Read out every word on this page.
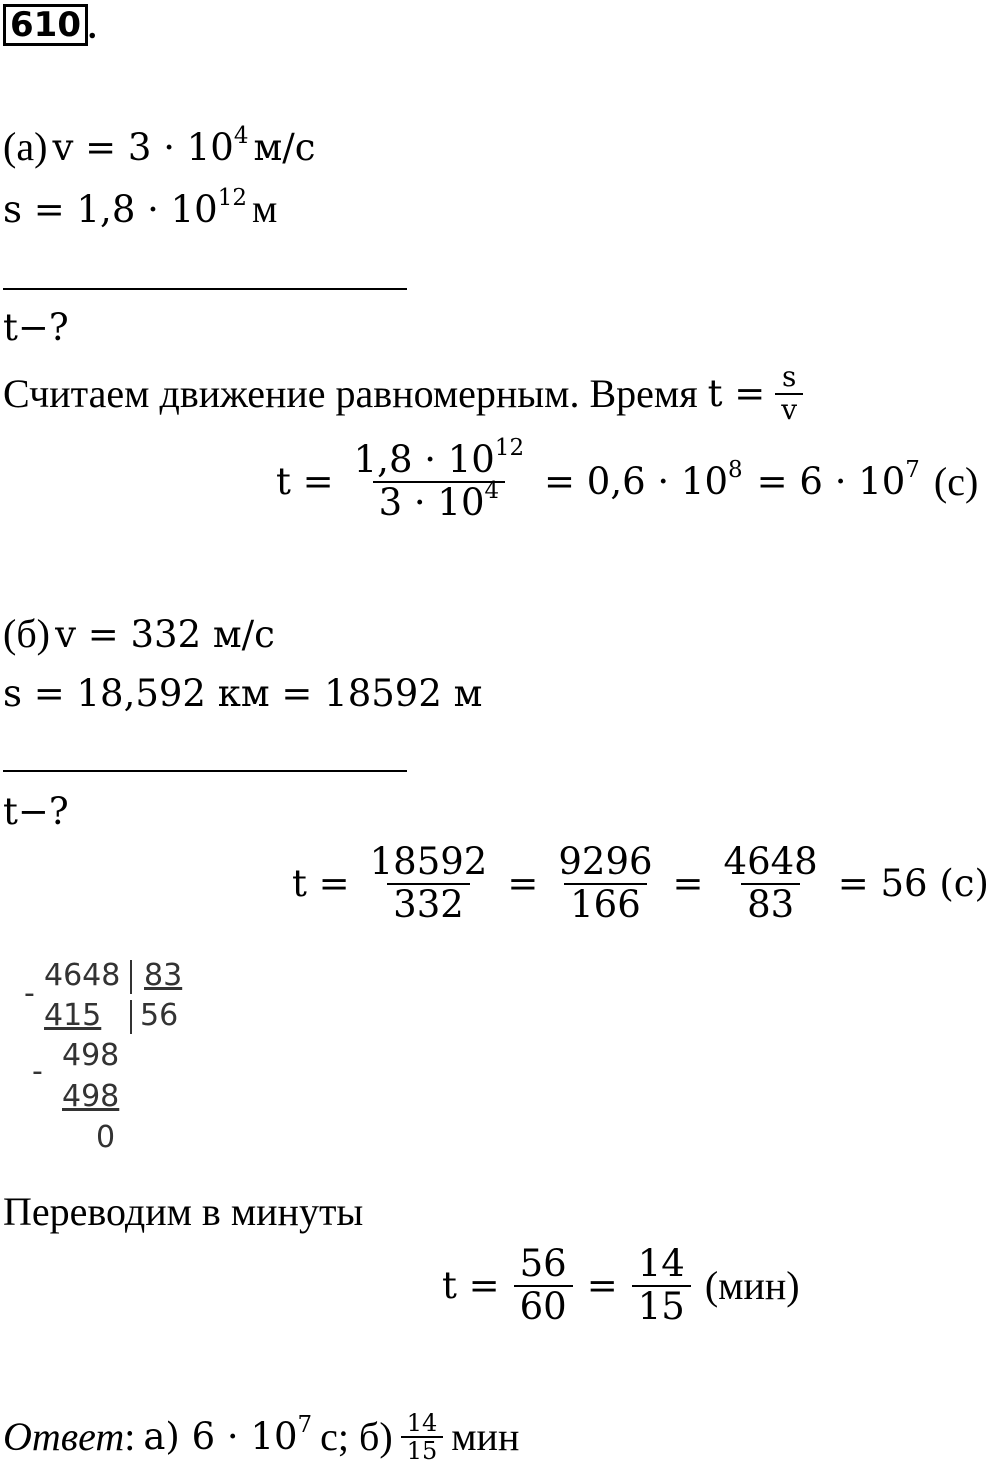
610 .
(а) $v = 3 \cdot 10^4$ м/с
$s = 1,8 \cdot 10^{12}$ м
t−?
Считаем движение равномерным. Время $t = \frac{s}{v}$
$t = \frac{1,8 \cdot 10^{12}}{3 \cdot 10^4} = 0,6 \cdot 10^8 = 6 \cdot 10^7$ (с)
(б) v = 332 м/с
s = 18,592 км = 18592 м
t−?
$t = \frac{18592}{332} = \frac{9296}{166} = \frac{4648}{83} = 56$ (с)
-
4648 83
415 56
- 498
498
0
Переводим в минуты
$t = \frac{56}{60} = \frac{14}{15} (мин)$
Ответ: а) $6 \cdot 10^7$ с; $б) \frac{14}{15}$ мин
